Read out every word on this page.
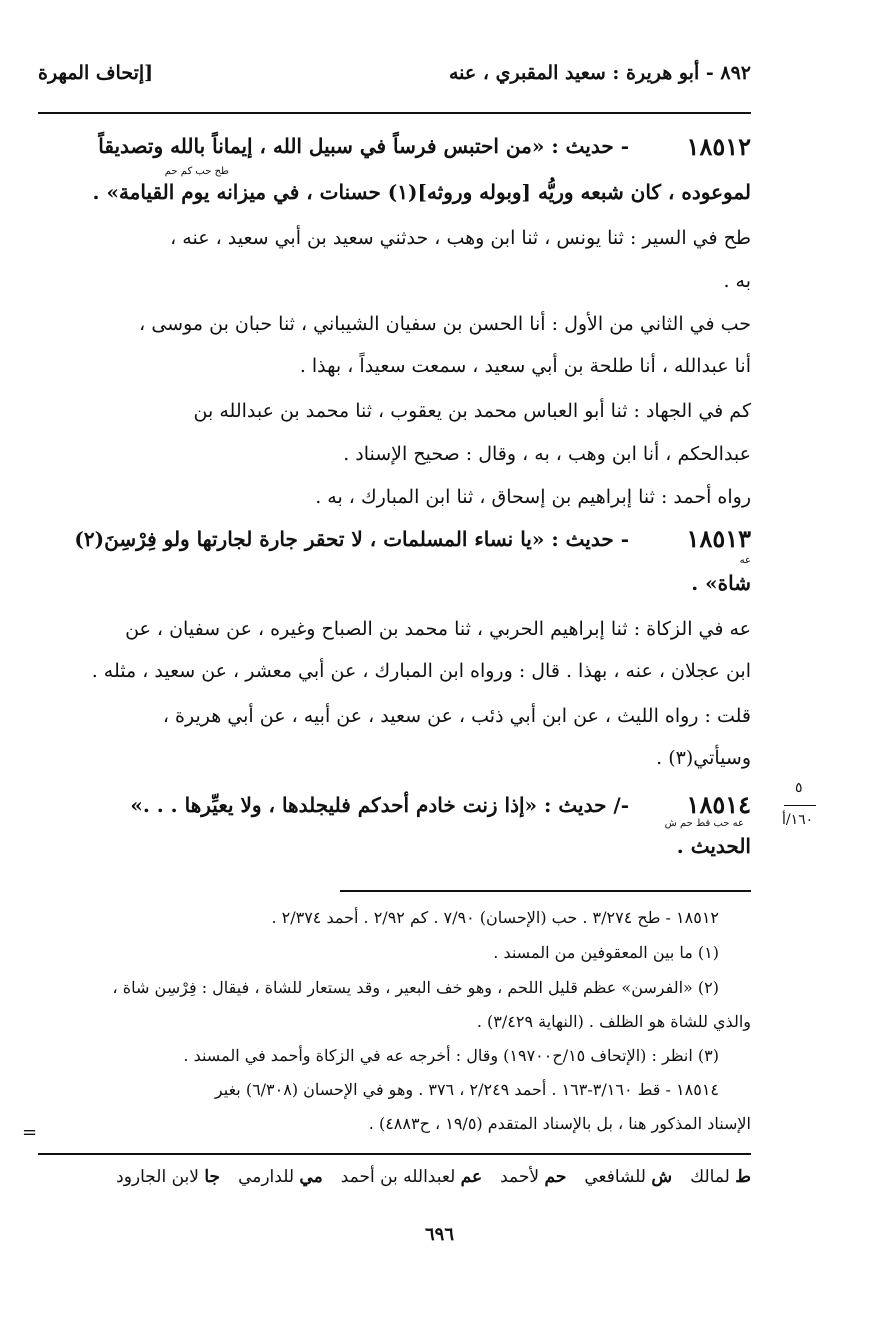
٨٩٢ - أبو هريرة : سعيد المقبري ، عنه
[إتحاف المهرة
١٨٥١٢
- حديث : «من احتبس فرساً في سبيل الله ، إيماناً بالله وتصديقاً
طح حب كم حم
لموعوده ، كان شبعه وريُّه [وبوله وروثه](١) حسنات ، في ميزانه يوم القيامة» .
طح في السير : ثنا يونس ، ثنا ابن وهب ، حدثني سعيد بن أبي سعيد ، عنه ،
به .
حب في الثاني من الأول : أنا الحسن بن سفيان الشيباني ، ثنا حبان بن موسى ،
أنا عبدالله ، أنا طلحة بن أبي سعيد ، سمعت سعيداً ، بهذا .
كم في الجهاد : ثنا أبو العباس محمد بن يعقوب ، ثنا محمد بن عبدالله بن
عبدالحكم ، أنا ابن وهب ، به ، وقال : صحيح الإسناد .
رواه أحمد : ثنا إبراهيم بن إسحاق ، ثنا ابن المبارك ، به .
١٨٥١٣
- حديث : «يا نساء المسلمات ، لا تحقر جارة لجارتها ولو فِرْسِنَ(٢)
عه
شاة» .
عه في الزكاة : ثنا إبراهيم الحربي ، ثنا محمد بن الصباح وغيره ، عن سفيان ، عن
ابن عجلان ، عنه ، بهذا . قال : ورواه ابن المبارك ، عن أبي معشر ، عن سعيد ، مثله .
قلت : رواه الليث ، عن ابن أبي ذئب ، عن سعيد ، عن أبيه ، عن أبي هريرة ،
وسيأتي(٣) .
١٨٥١٤
-/ حديث : «إذا زنت خادم أحدكم فليجلدها ، ولا يعيِّرها . . .»
عه حب قط حم ش
الحديث .
٥
١٦٠/أ
١٨٥١٢ - طح ٣/٢٧٤ . حب (الإحسان) ٧/٩٠ . كم ٢/٩٢ . أحمد ٢/٣٧٤ .
(١) ما بين المعقوفين من المسند .
(٢) «الفرسن» عظم قليل اللحم ، وهو خف البعير ، وقد يستعار للشاة ، فيقال : فِرْسِن شاة ،
والذي للشاة هو الظلف . (النهاية ٣/٤٢٩) .
(٣) انظر : (الإتحاف ١٥/ح١٩٧٠٠) وقال : أخرجه عه في الزكاة وأحمد في المسند .
١٨٥١٤ - قط ٣/١٦٠-١٦٣ . أحمد ٢/٢٤٩ ، ٣٧٦ . وهو في الإحسان (٦/٣٠٨) بغير
الإسناد المذكور هنا ، بل بالإسناد المتقدم (١٩/٥ ، ح٤٨٨٣) .
=
ط لمالك
ش للشافعي
حم لأحمد
عم لعبدالله بن أحمد
مي للدارمي
جا لابن الجارود
٦٩٦
